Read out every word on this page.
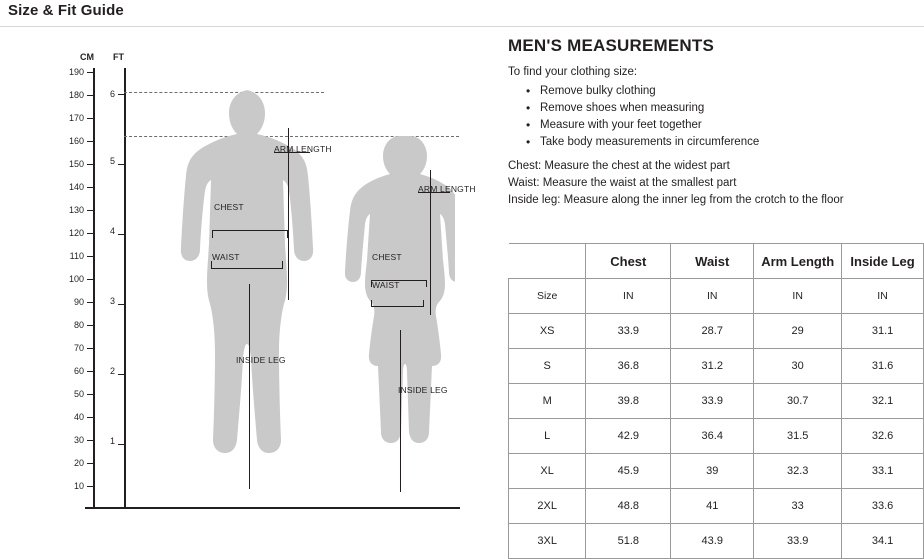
Size & Fit Guide
CM FT
190
180
170
160
150
140
130
120
110
100
90
80
70
60
50
40
30
20
10
6
5
4
3
2
1
CHEST
WAIST
ARM LENGTH
INSIDE LEG
CHEST
WAIST
ARM LENGTH
INSIDE LEG
MEN'S MEASUREMENTS

To find your clothing size:

• Remove bulky clothing
• Remove shoes when measuring
• Measure with your feet together
• Take body measurements in circumference

Chest: Measure the chest at the widest part

Waist: Measure the waist at the smallest part

Inside leg: Measure along the inner leg from the crotch to the floor

	Chest	Waist	Arm Length	Inside Leg
Size	IN	IN	IN	IN
XS	33.9	28.7	29	31.1
S	36.8	31.2	30	31.6
M	39.8	33.9	30.7	32.1
L	42.9	36.4	31.5	32.6
XL	45.9	39	32.3	33.1
2XL	48.8	41	33	33.6
3XL	51.8	43.9	33.9	34.1
